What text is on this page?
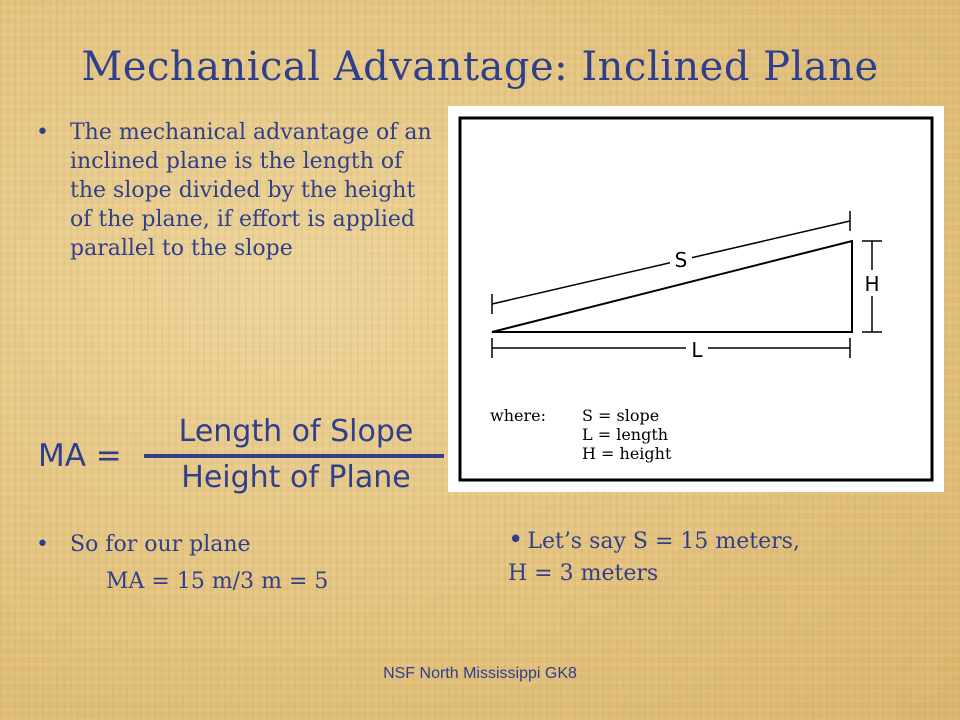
Mechanical Advantage: Inclined Plane
• The mechanical advantage of an inclined plane is the length of the slope divided by the height of the plane, if effort is applied parallel to the slope
MA =
Length of Slope
Height of Plane
• So for our plane
MA = 15 m/3 m = 5
S
H
L
where: S = slope
L = length
H = height
• Let’s say S = 15 meters,
H = 3 meters
NSF North Mississippi GK8
